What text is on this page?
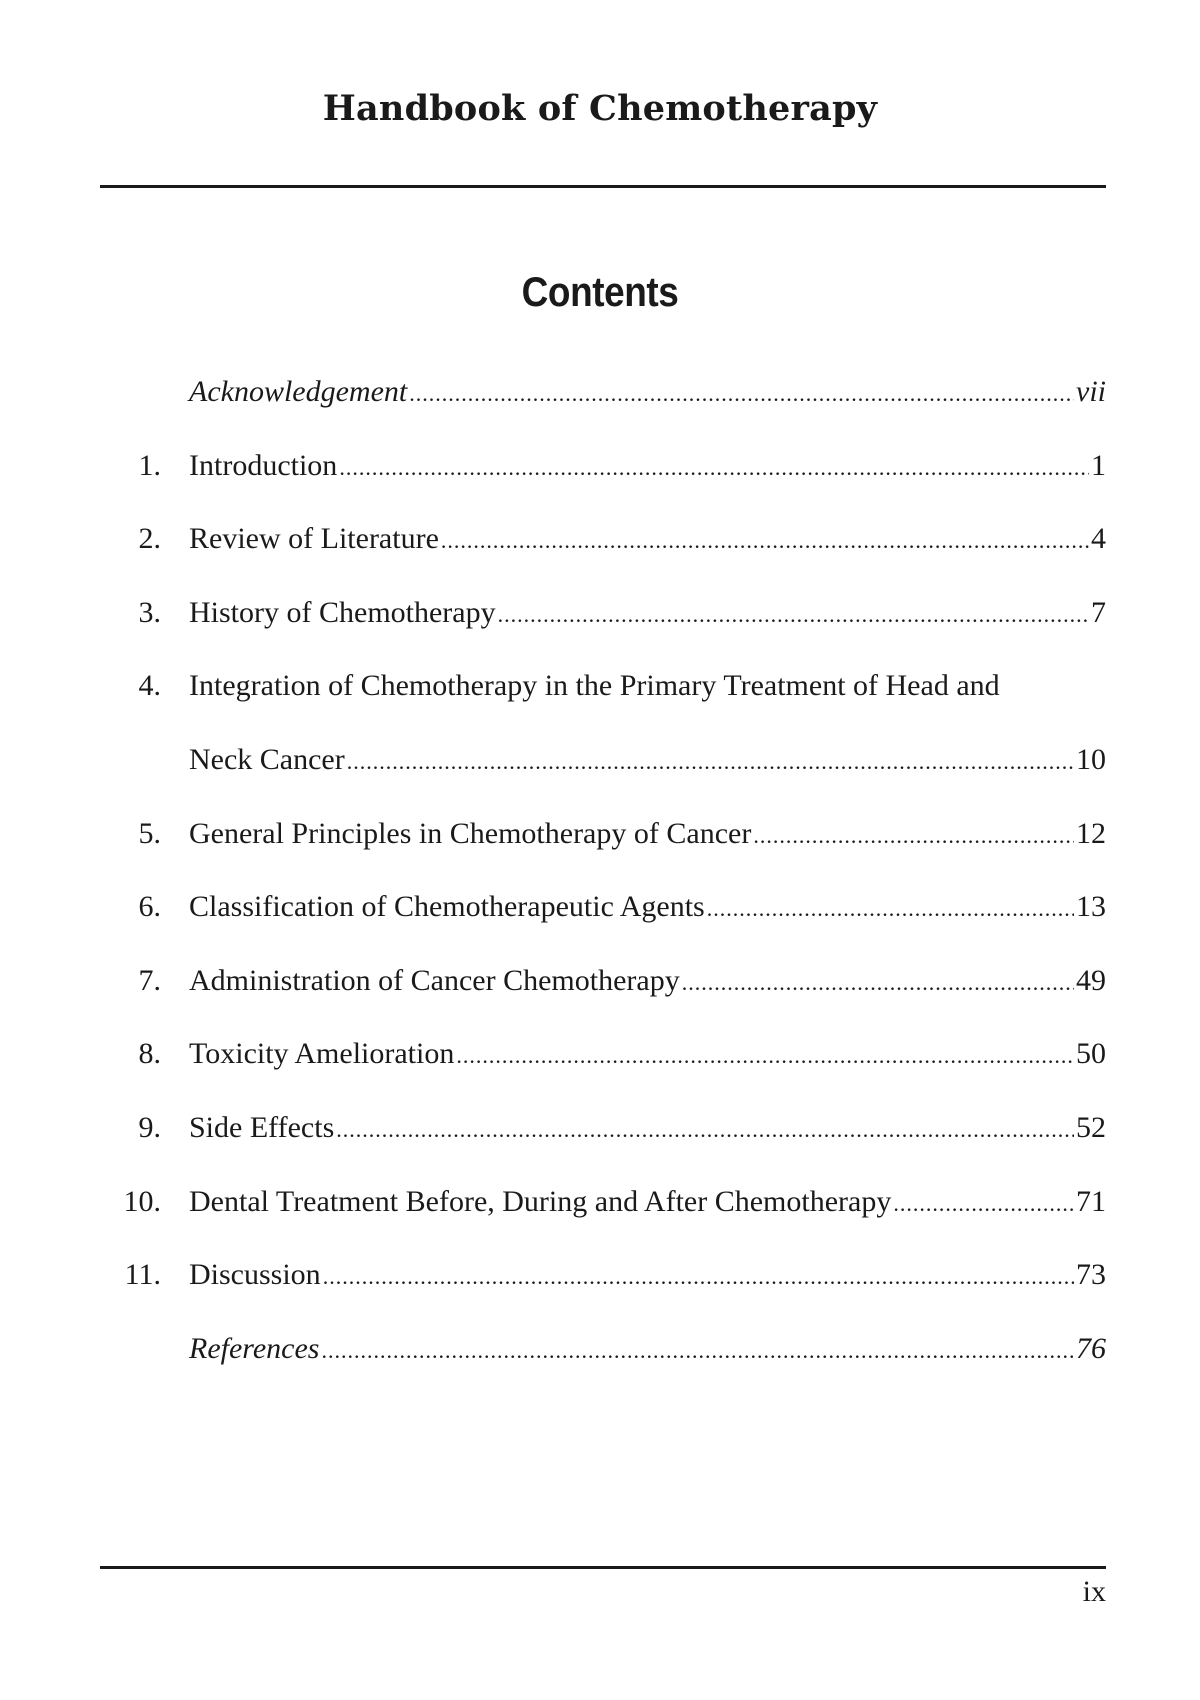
Handbook of Chemotherapy
Contents
Acknowledgement .....	vii
1. Introduction .....	1
2. Review of Literature .....	4
3. History of Chemotherapy .....	7
4. Integration of Chemotherapy in the Primary Treatment of Head and
Neck Cancer .....	10
5. General Principles in Chemotherapy of Cancer .....	12
6. Classification of Chemotherapeutic Agents .....	13
7. Administration of Cancer Chemotherapy .....	49
8. Toxicity Amelioration .....	50
9. Side Effects .....	52
10. Dental Treatment Before, During and After Chemotherapy .....	71
11. Discussion .....	73
References .....	76
ix
